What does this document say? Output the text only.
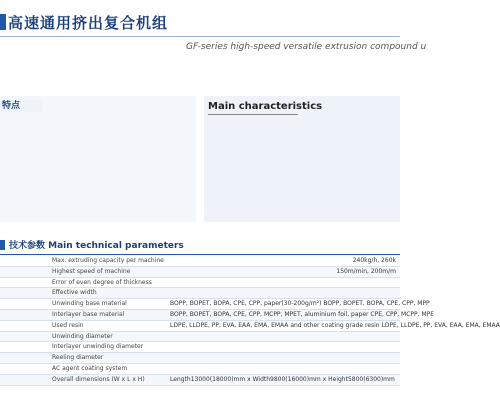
高速通用挤出复合机组
GF-series high-speed versatile extrusion compound u
特点	Main characteristics
技术参数 Main technical parameters
Max. extruding capacity per machine	240kg/h, 260k
Highest speed of machine	150m/min, 200m/m
Error of even degree of thickness
Effective width
Unwinding base material	BOPP, BOPET, BOPA, CPE, CPP, paper(30-200g/m²) BOPP, BOPET, BOPA, CPE, CPP, MPP
Interlayer base material	BOPP, BOPET, BOPA, CPE, CPP, MCPP, MPET, aluminium foil, paper CPE, CPP, MCPP, MPE
Used resin	LDPE, LLDPE, PP, EVA, EAA, EMA, EMAA and other coating grade resin LDPE, LLDPE, PP, EVA, EAA, EMA, EMAA
Unwinding diameter
Interlayer unwinding diameter
Reeling diameter
AC agent coating system
Overall dimensions (W x L x H)	Length13000(18000)mm x Width9800(16000)mm x Height5800(6300)mm
